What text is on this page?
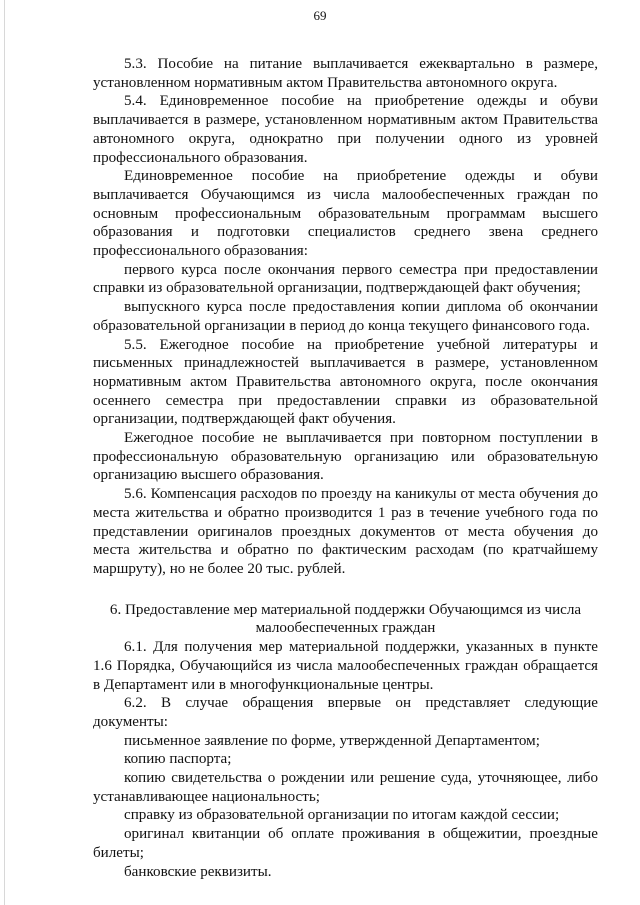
69

5.3. Пособие на питание выплачивается ежеквартально в размере, установленном нормативным актом Правительства автономного округа.

5.4. Единовременное пособие на приобретение одежды и обуви выплачивается в размере, установленном нормативным актом Правительства автономного округа, однократно при получении одного из уровней профессионального образования.

Единовременное пособие на приобретение одежды и обуви выплачивается Обучающимся из числа малообеспеченных граждан по основным профессиональным образовательным программам высшего образования и подготовки специалистов среднего звена среднего профессионального образования:

первого курса после окончания первого семестра при предоставлении справки из образовательной организации, подтверждающей факт обучения;

выпускного курса после предоставления копии диплома об окончании образовательной организации в период до конца текущего финансового года.

5.5. Ежегодное пособие на приобретение учебной литературы и письменных принадлежностей выплачивается в размере, установленном нормативным актом Правительства автономного округа, после окончания осеннего семестра при предоставлении справки из образовательной организации, подтверждающей факт обучения.

Ежегодное пособие не выплачивается при повторном поступлении в профессиональную образовательную организацию или образовательную организацию высшего образования.

5.6. Компенсация расходов по проезду на каникулы от места обучения до места жительства и обратно производится 1 раз в течение учебного года по представлении оригиналов проездных документов от места обучения до места жительства и обратно по фактическим расходам (по кратчайшему маршруту), но не более 20 тыс. рублей.

6. Предоставление мер материальной поддержки Обучающимся из числа малообеспеченных граждан

6.1. Для получения мер материальной поддержки, указанных в пункте 1.6 Порядка, Обучающийся из числа малообеспеченных граждан обращается в Департамент или в многофункциональные центры.

6.2. В случае обращения впервые он представляет следующие документы:

письменное заявление по форме, утвержденной Департаментом;

копию паспорта;

копию свидетельства о рождении или решение суда, уточняющее, либо устанавливающее национальность;

справку из образовательной организации по итогам каждой сессии;

оригинал квитанции об оплате проживания в общежитии, проездные билеты;

банковские реквизиты.
